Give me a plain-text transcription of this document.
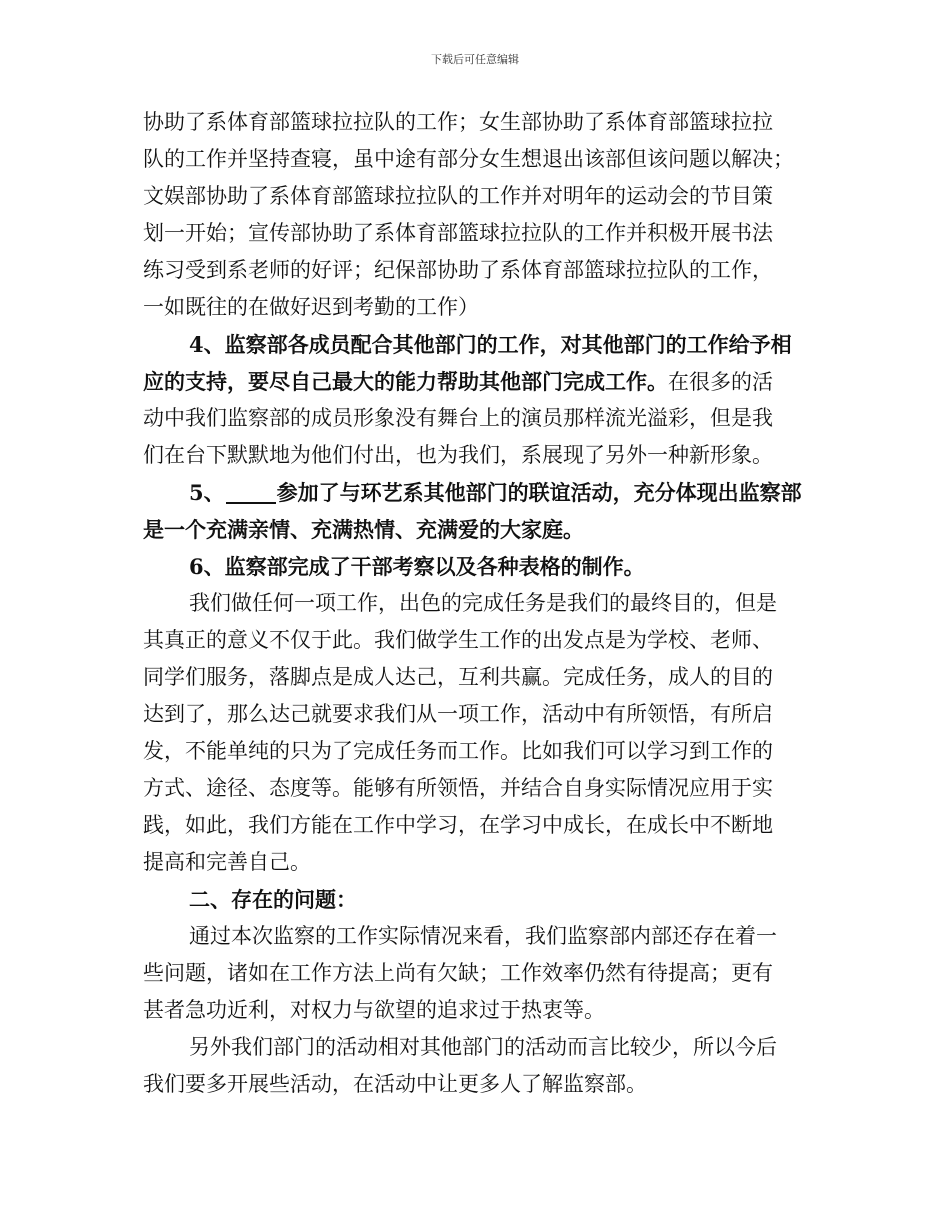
下载后可任意编辑
协助了系体育部篮球拉拉队的工作；女生部协助了系体育部篮球拉拉
队的工作并坚持查寝，虽中途有部分女生想退出该部但该问题以解决；
文娱部协助了系体育部篮球拉拉队的工作并对明年的运动会的节目策
划一开始；宣传部协助了系体育部篮球拉拉队的工作并积极开展书法
练习受到系老师的好评；纪保部协助了系体育部篮球拉拉队的工作，
一如既往的在做好迟到考勤的工作）
4、监察部各成员配合其他部门的工作，对其他部门的工作给予相
应的支持，要尽自己最大的能力帮助其他部门完成工作。在很多的活
动中我们监察部的成员形象没有舞台上的演员那样流光溢彩，但是我
们在台下默默地为他们付出，也为我们，系展现了另外一种新形象。
5、 参加了与环艺系其他部门的联谊活动，充分体现出监察部
是一个充满亲情、充满热情、充满爱的大家庭。
6、监察部完成了干部考察以及各种表格的制作。
我们做任何一项工作，出色的完成任务是我们的最终目的，但是
其真正的意义不仅于此。我们做学生工作的出发点是为学校、老师、
同学们服务，落脚点是成人达己，互利共赢。完成任务，成人的目的
达到了，那么达己就要求我们从一项工作，活动中有所领悟，有所启
发，不能单纯的只为了完成任务而工作。比如我们可以学习到工作的
方式、途径、态度等。能够有所领悟，并结合自身实际情况应用于实
践，如此，我们方能在工作中学习，在学习中成长，在成长中不断地
提高和完善自己。
二、存在的问题：
通过本次监察的工作实际情况来看，我们监察部内部还存在着一
些问题，诸如在工作方法上尚有欠缺；工作效率仍然有待提高；更有
甚者急功近利，对权力与欲望的追求过于热衷等。
另外我们部门的活动相对其他部门的活动而言比较少，所以今后
我们要多开展些活动，在活动中让更多人了解监察部。
